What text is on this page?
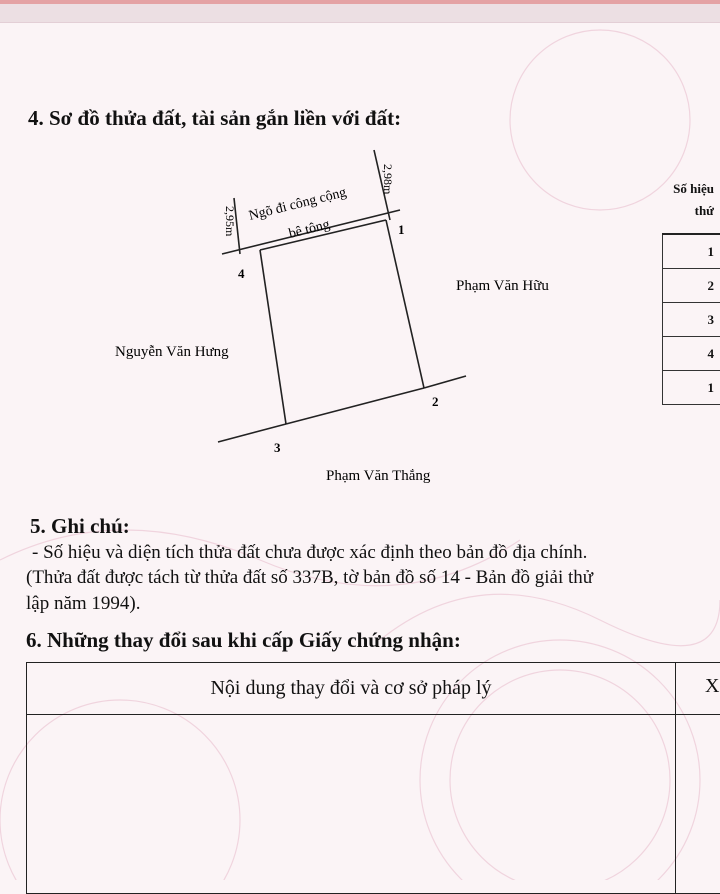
4. Sơ đồ thửa đất, tài sản gắn liền với đất:
Ngõ đi công cộng
bê tông
2,95m
2,98m
1
2
3
4
Phạm Văn Hữu
Nguyễn Văn Hưng
Phạm Văn Thắng
Số hiệu
thứ
1
2
3
4
1
5. Ghi chú:
- Số hiệu và diện tích thửa đất chưa được xác định theo bản đồ địa chính.
(Thửa đất được tách từ thửa đất số 337B, tờ bản đồ số 14 - Bản đồ giải thử
lập năm 1994).
6. Những thay đổi sau khi cấp Giấy chứng nhận:
Nội dung thay đổi và cơ sở pháp lý	X
